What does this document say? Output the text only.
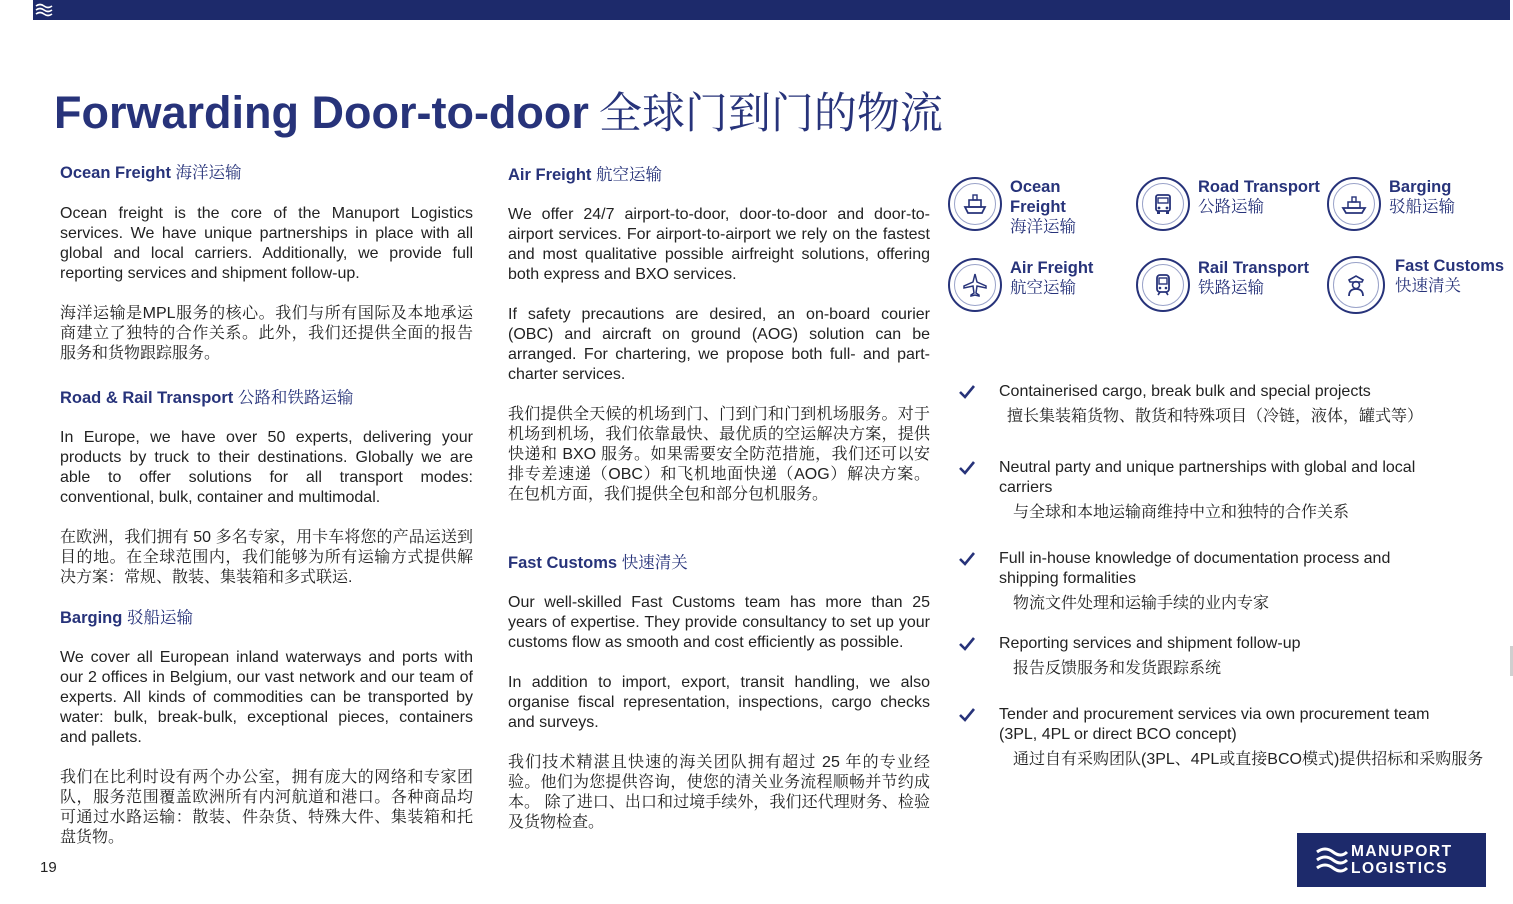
Forwarding Door-to-door 全球门到门的物流
Ocean Freight 海洋运输

Ocean freight is the core of the Manuport Logistics services. We have unique partnerships in place with all global and local carriers. Additionally, we provide full reporting services and shipment follow-up.

海洋运输是MPL服务的核心。我们与所有国际及本地承运商建立了独特的合作关系。此外，我们还提供全面的报告服务和货物跟踪服务。

Road & Rail Transport 公路和铁路运输

In Europe, we have over 50 experts, delivering your products by truck to their destinations. Globally we are able to offer solutions for all transport modes: conventional, bulk, container and multimodal.

在欧洲，我们拥有 50 多名专家，用卡车将您的产品运送到目的地。在全球范围内，我们能够为所有运输方式提供解决方案：常规、散装、集装箱和多式联运.

Barging 驳船运输

We cover all European inland waterways and ports with our 2 offices in Belgium, our vast network and our team of experts. All kinds of commodities can be transported by water: bulk, break-bulk, exceptional pieces, containers and pallets.

我们在比利时设有两个办公室，拥有庞大的网络和专家团队，服务范围覆盖欧洲所有内河航道和港口。各种商品均可通过水路运输：散装、件杂货、特殊大件、集装箱和托盘货物。

Air Freight 航空运输

We offer 24/7 airport-to-door, door-to-door and door-to-airport services. For airport-to-airport we rely on the fastest and most qualitative possible airfreight solutions, offering both express and BXO services.

If safety precautions are desired, an on-board courier (OBC) and aircraft on ground (AOG) solution can be arranged. For chartering, we propose both full- and part-charter services.

我们提供全天候的机场到门、门到门和门到机场服务。对于机场到机场，我们依靠最快、最优质的空运解决方案，提供快递和 BXO 服务。如果需要安全防范措施，我们还可以安排专差速递（OBC）和飞机地面快递（AOG）解决方案。在包机方面，我们提供全包和部分包机服务。

Fast Customs 快速清关

Our well-skilled Fast Customs team has more than 25 years of expertise. They provide consultancy to set up your customs flow as smooth and cost efficiently as possible.

In addition to import, export, transit handling, we also organise fiscal representation, inspections, cargo checks and surveys.

我们技术精湛且快速的海关团队拥有超过 25 年的专业经验。他们为您提供咨询，使您的清关业务流程顺畅并节约成本。 除了进口、出口和过境手续外，我们还代理财务、检验及货物检查。

Ocean Freight
海洋运输
Road Transport
公路运输
Barging
驳船运输
Air Freight
航空运输
Rail Transport
铁路运输
Fast Customs
快速清关
Containerised cargo, break bulk and special projects
擅长集装箱货物、散货和特殊项目（冷链，液体，罐式等）
Neutral party and unique partnerships with global and local carriers
与全球和本地运输商维持中立和独特的合作关系
Full in-house knowledge of documentation process and shipping formalities
物流文件处理和运输手续的业内专家
Reporting services and shipment follow-up
报告反馈服务和发货跟踪系统
Tender and procurement services via own procurement team (3PL, 4PL or direct BCO concept)
通过自有采购团队(3PL、4PL或直接BCO模式)提供招标和采购服务
19
MANUPORT
LOGISTICS
